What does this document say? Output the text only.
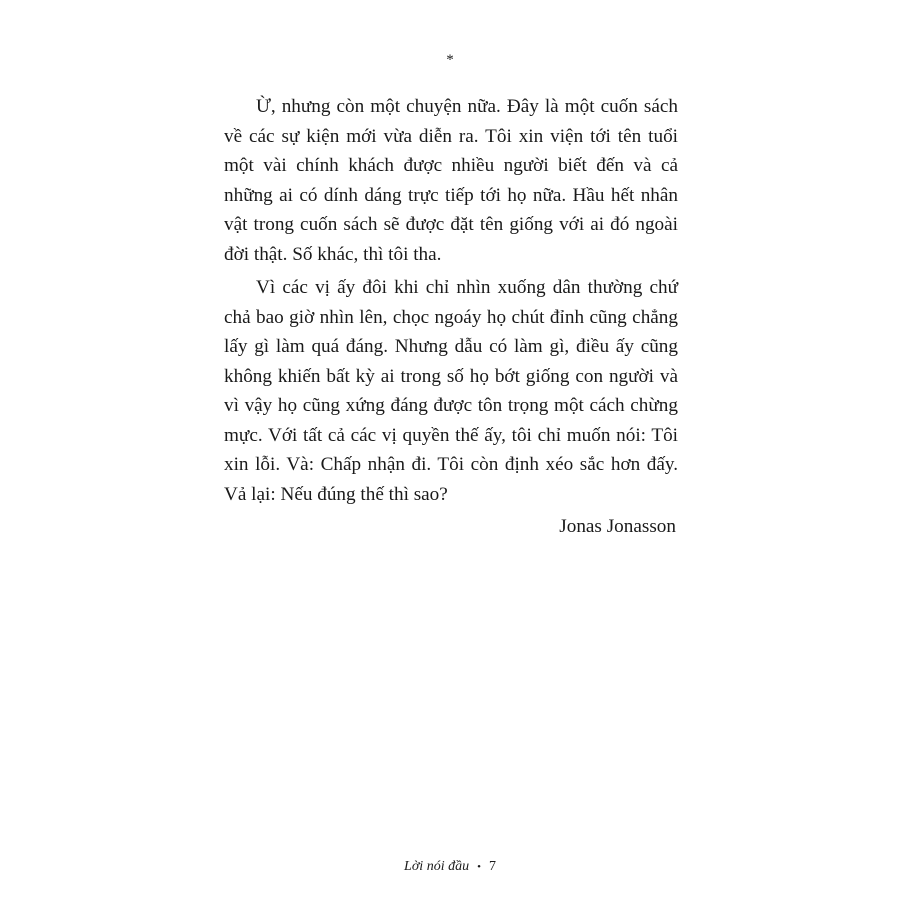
*

Ừ, nhưng còn một chuyện nữa. Đây là một cuốn sách về các sự kiện mới vừa diễn ra. Tôi xin viện tới tên tuổi một vài chính khách được nhiều người biết đến và cả những ai có dính dáng trực tiếp tới họ nữa. Hầu hết nhân vật trong cuốn sách sẽ được đặt tên giống với ai đó ngoài đời thật. Số khác, thì tôi tha.

Vì các vị ấy đôi khi chỉ nhìn xuống dân thường chứ chả bao giờ nhìn lên, chọc ngoáy họ chút đỉnh cũng chẳng lấy gì làm quá đáng. Nhưng dẫu có làm gì, điều ấy cũng không khiến bất kỳ ai trong số họ bớt giống con người và vì vậy họ cũng xứng đáng được tôn trọng một cách chừng mực. Với tất cả các vị quyền thế ấy, tôi chỉ muốn nói: Tôi xin lỗi. Và: Chấp nhận đi. Tôi còn định xéo sắc hơn đấy. Vả lại: Nếu đúng thế thì sao?

Jonas Jonasson
Lời nói đầu • 7
